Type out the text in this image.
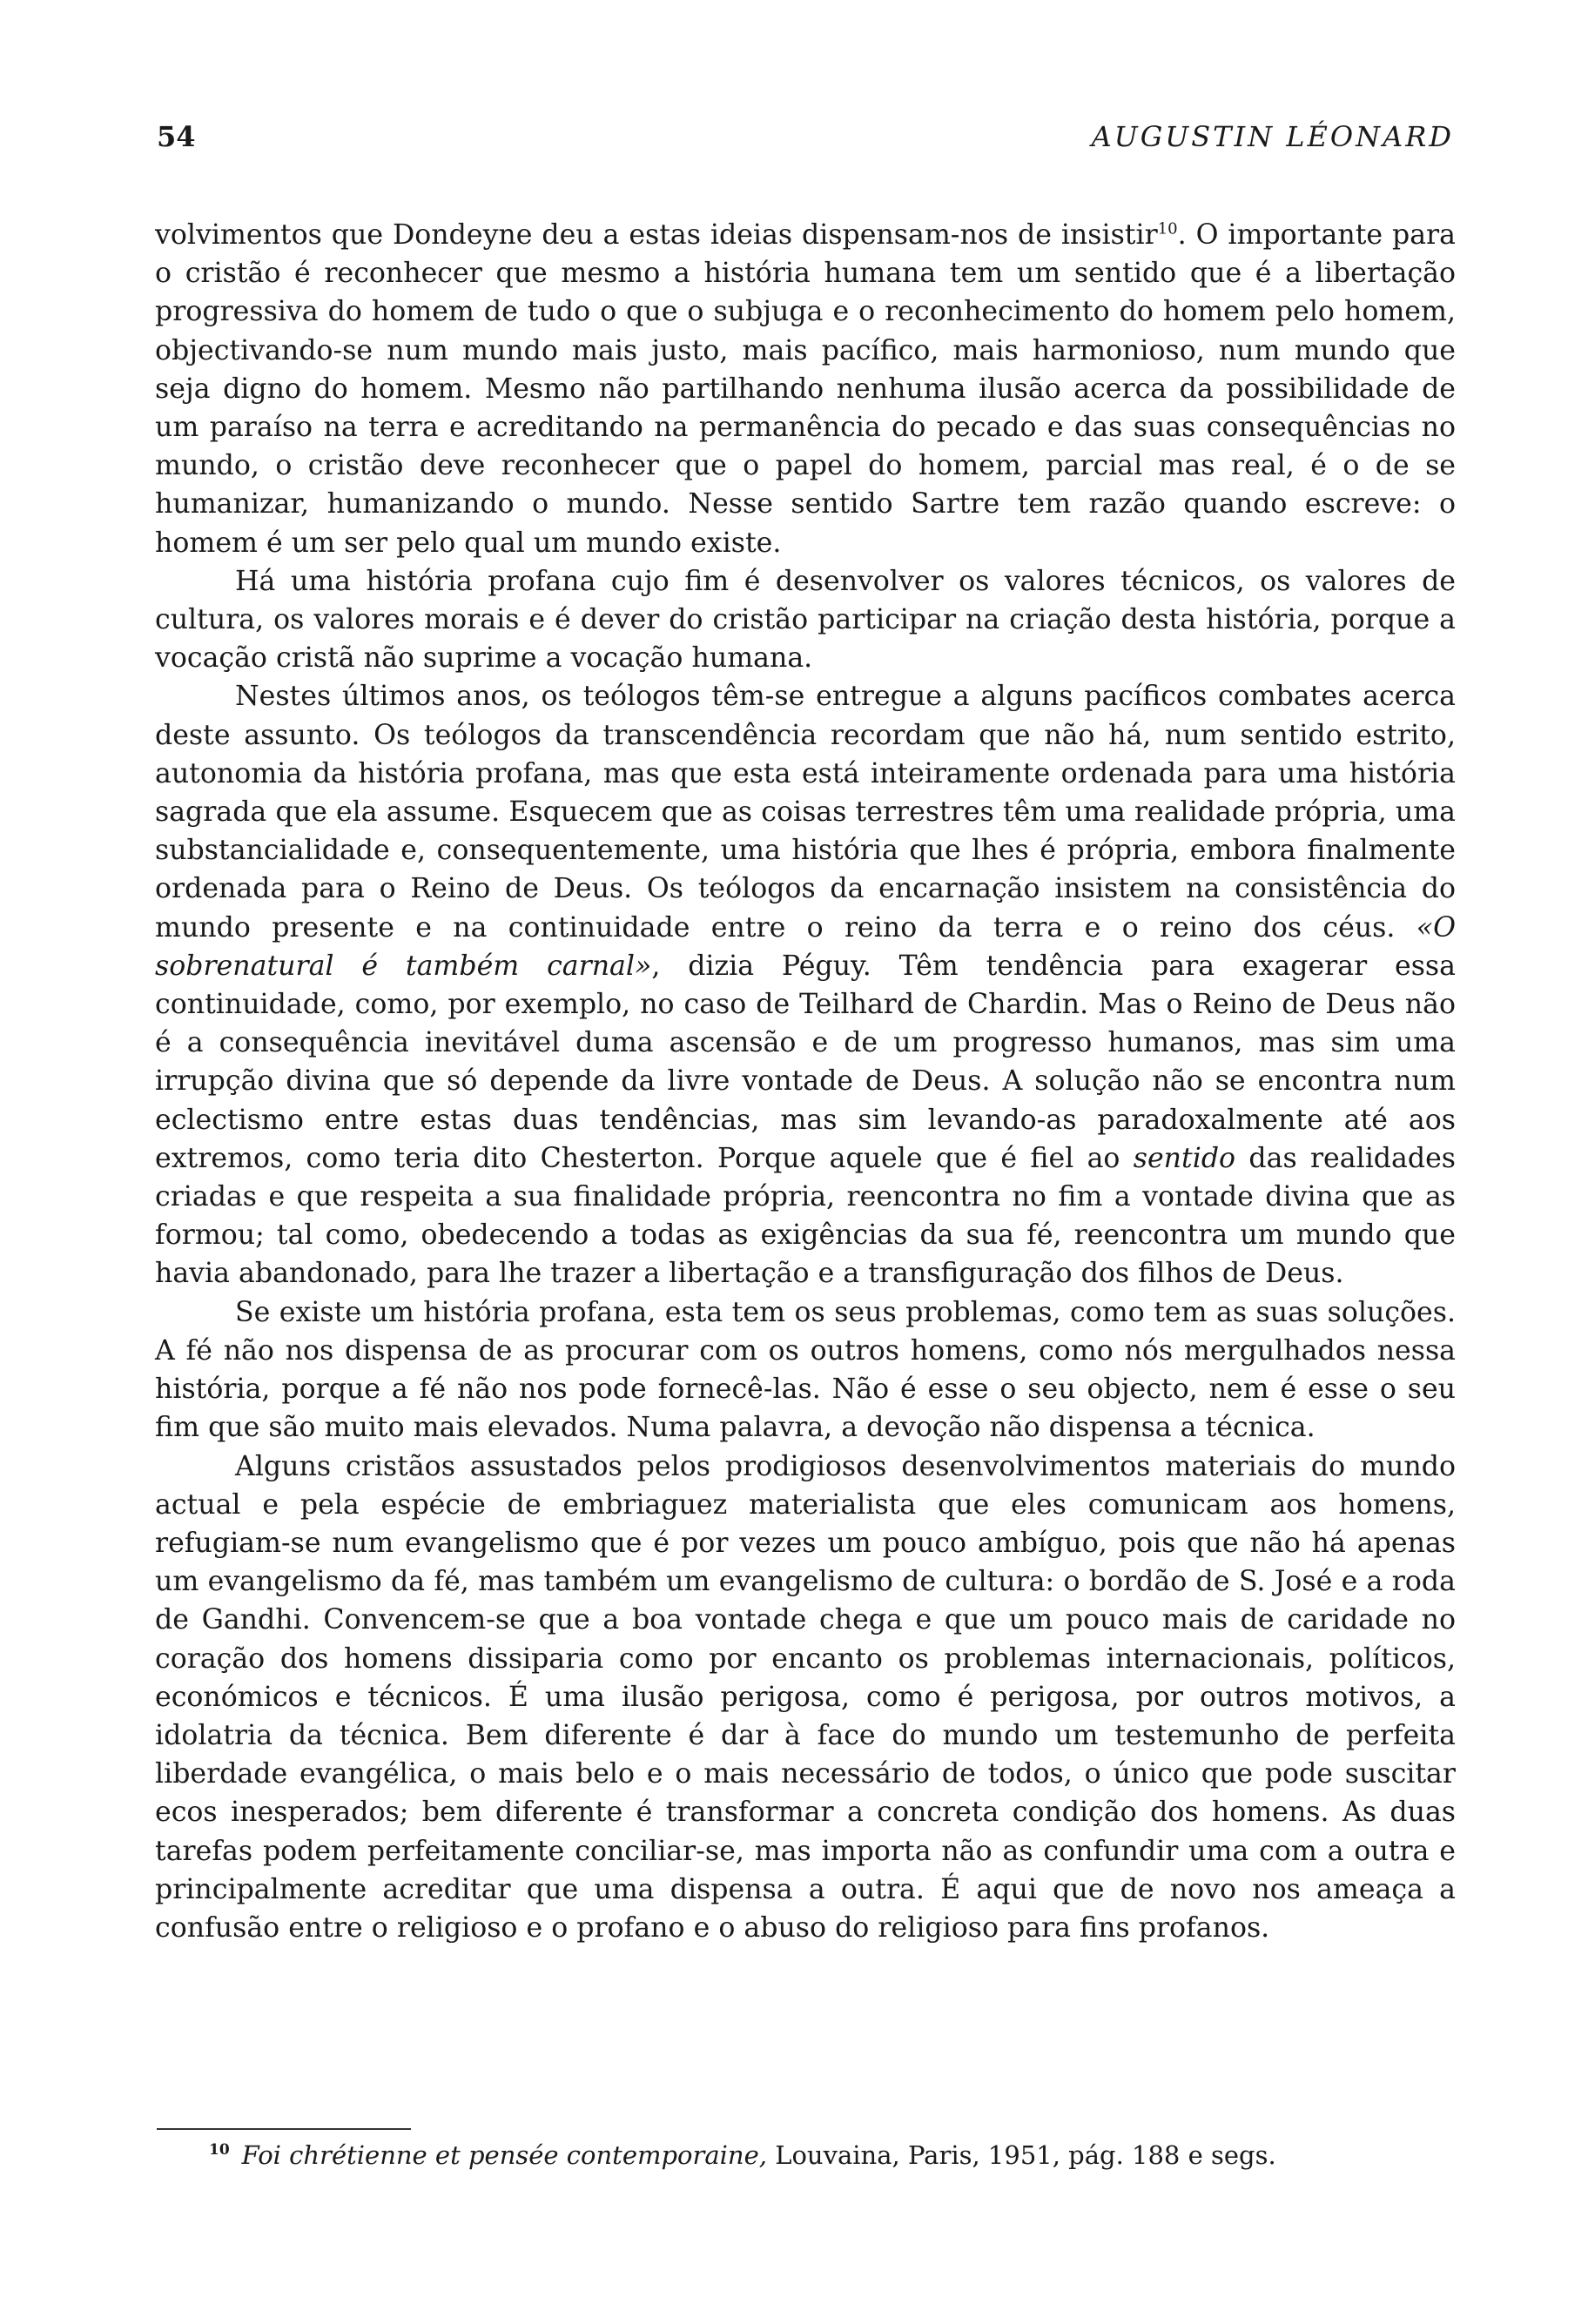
54	AUGUSTIN LÉONARD

volvimentos que Dondeyne deu a estas ideias dispensam-nos de insistir$^{10}$. O importante para o cristão é reconhecer que mesmo a história humana tem um sentido que é a libertação progressiva do homem de tudo o que o subjuga e o reconhecimento do homem pelo homem, objectivando-se num mundo mais justo, mais pacífico, mais harmonioso, num mundo que seja digno do homem. Mesmo não partilhando nenhuma ilusão acerca da possibilidade de um paraíso na terra e acreditando na permanência do pecado e das suas consequências no mundo, o cristão deve reconhecer que o papel do homem, parcial mas real, é o de se humanizar, humanizando o mundo. Nesse sentido Sartre tem razão quando escreve: o homem é um ser pelo qual um mundo existe.

Há uma história profana cujo fim é desenvolver os valores técnicos, os valores de cultura, os valores morais e é dever do cristão participar na criação desta história, porque a vocação cristã não suprime a vocação humana.

Nestes últimos anos, os teólogos têm-se entregue a alguns pacíficos combates acerca deste assunto. Os teólogos da transcendência recordam que não há, num sentido estrito, autonomia da história profana, mas que esta está inteiramente ordenada para uma história sagrada que ela assume. Esquecem que as coisas terrestres têm uma realidade própria, uma substancialidade e, consequentemente, uma história que lhes é própria, embora finalmente ordenada para o Reino de Deus. Os teólogos da encarnação insistem na consistência do mundo presente e na continuidade entre o reino da terra e o reino dos céus. «O sobrenatural é também carnal», dizia Péguy. Têm tendência para exagerar essa continuidade, como, por exemplo, no caso de Teilhard de Chardin. Mas o Reino de Deus não é a consequência inevitável duma ascensão e de um progresso humanos, mas sim uma irrupção divina que só depende da livre vontade de Deus. A solução não se encontra num eclectismo entre estas duas tendências, mas sim levando-as paradoxalmente até aos extremos, como teria dito Chesterton. Porque aquele que é fiel ao sentido das realidades criadas e que respeita a sua finalidade própria, reencontra no fim a vontade divina que as formou; tal como, obedecendo a todas as exigências da sua fé, reencontra um mundo que havia abandonado, para lhe trazer a libertação e a transfiguração dos filhos de Deus.

Se existe um história profana, esta tem os seus problemas, como tem as suas soluções. A fé não nos dispensa de as procurar com os outros homens, como nós mergulhados nessa história, porque a fé não nos pode fornecê-las. Não é esse o seu objecto, nem é esse o seu fim que são muito mais elevados. Numa palavra, a devoção não dispensa a técnica.

Alguns cristãos assustados pelos prodigiosos desenvolvimentos materiais do mundo actual e pela espécie de embriaguez materialista que eles comunicam aos homens, refugiam-se num evangelismo que é por vezes um pouco ambíguo, pois que não há apenas um evangelismo da fé, mas também um evangelismo de cultura: o bordão de S. José e a roda de Gandhi. Convencem-se que a boa vontade chega e que um pouco mais de caridade no coração dos homens dissiparia como por encanto os problemas internacionais, políticos, económicos e técnicos. É uma ilusão perigosa, como é perigosa, por outros motivos, a idolatria da técnica. Bem diferente é dar à face do mundo um testemunho de perfeita liberdade evangélica, o mais belo e o mais necessário de todos, o único que pode suscitar ecos inesperados; bem diferente é transformar a concreta condição dos homens. As duas tarefas podem perfeitamente conciliar-se, mas importa não as confundir uma com a outra e principalmente acreditar que uma dispensa a outra. É aqui que de novo nos ameaça a confusão entre o religioso e o profano e o abuso do religioso para fins profanos.

$^{10}$ Foi chrétienne et pensée contemporaine, Louvaina, Paris, 1951, pág. 188 e segs.
